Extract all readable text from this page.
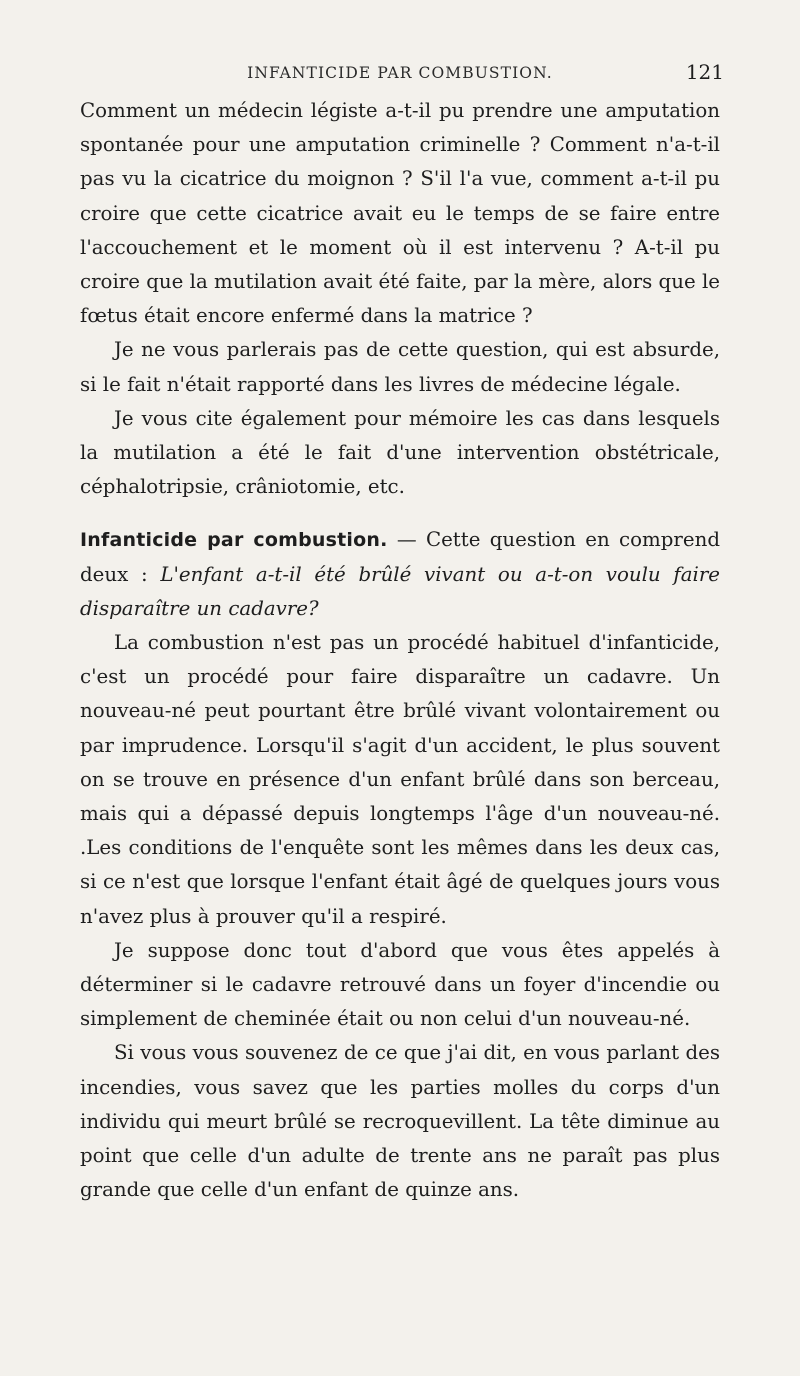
INFANTICIDE PAR COMBUSTION.	121

Comment un médecin légiste a-t-il pu prendre une amputation spontanée pour une amputation criminelle ? Comment n'a-t-il pas vu la cicatrice du moignon ? S'il l'a vue, comment a-t-il pu croire que cette cicatrice avait eu le temps de se faire entre l'accouchement et le moment où il est intervenu ? A-t-il pu croire que la mutilation avait été faite, par la mère, alors que le fœtus était encore enfermé dans la matrice ?

Je ne vous parlerais pas de cette question, qui est absurde, si le fait n'était rapporté dans les livres de médecine légale.

Je vous cite également pour mémoire les cas dans lesquels la mutilation a été le fait d'une intervention obstétricale, céphalotripsie, crâniotomie, etc.

Infanticide par combustion. — Cette question en comprend deux : L'enfant a-t-il été brûlé vivant ou a-t-on voulu faire disparaître un cadavre?

La combustion n'est pas un procédé habituel d'infanticide, c'est un procédé pour faire disparaître un cadavre. Un nouveau-né peut pourtant être brûlé vivant volontairement ou par imprudence. Lorsqu'il s'agit d'un accident, le plus souvent on se trouve en présence d'un enfant brûlé dans son berceau, mais qui a dépassé depuis longtemps l'âge d'un nouveau-né. .Les conditions de l'enquête sont les mêmes dans les deux cas, si ce n'est que lorsque l'enfant était âgé de quelques jours vous n'avez plus à prouver qu'il a respiré.

Je suppose donc tout d'abord que vous êtes appelés à déterminer si le cadavre retrouvé dans un foyer d'incendie ou simplement de cheminée était ou non celui d'un nouveau-né.

Si vous vous souvenez de ce que j'ai dit, en vous parlant des incendies, vous savez que les parties molles du corps d'un individu qui meurt brûlé se recroquevillent. La tête diminue au point que celle d'un adulte de trente ans ne paraît pas plus grande que celle d'un enfant de quinze ans.
